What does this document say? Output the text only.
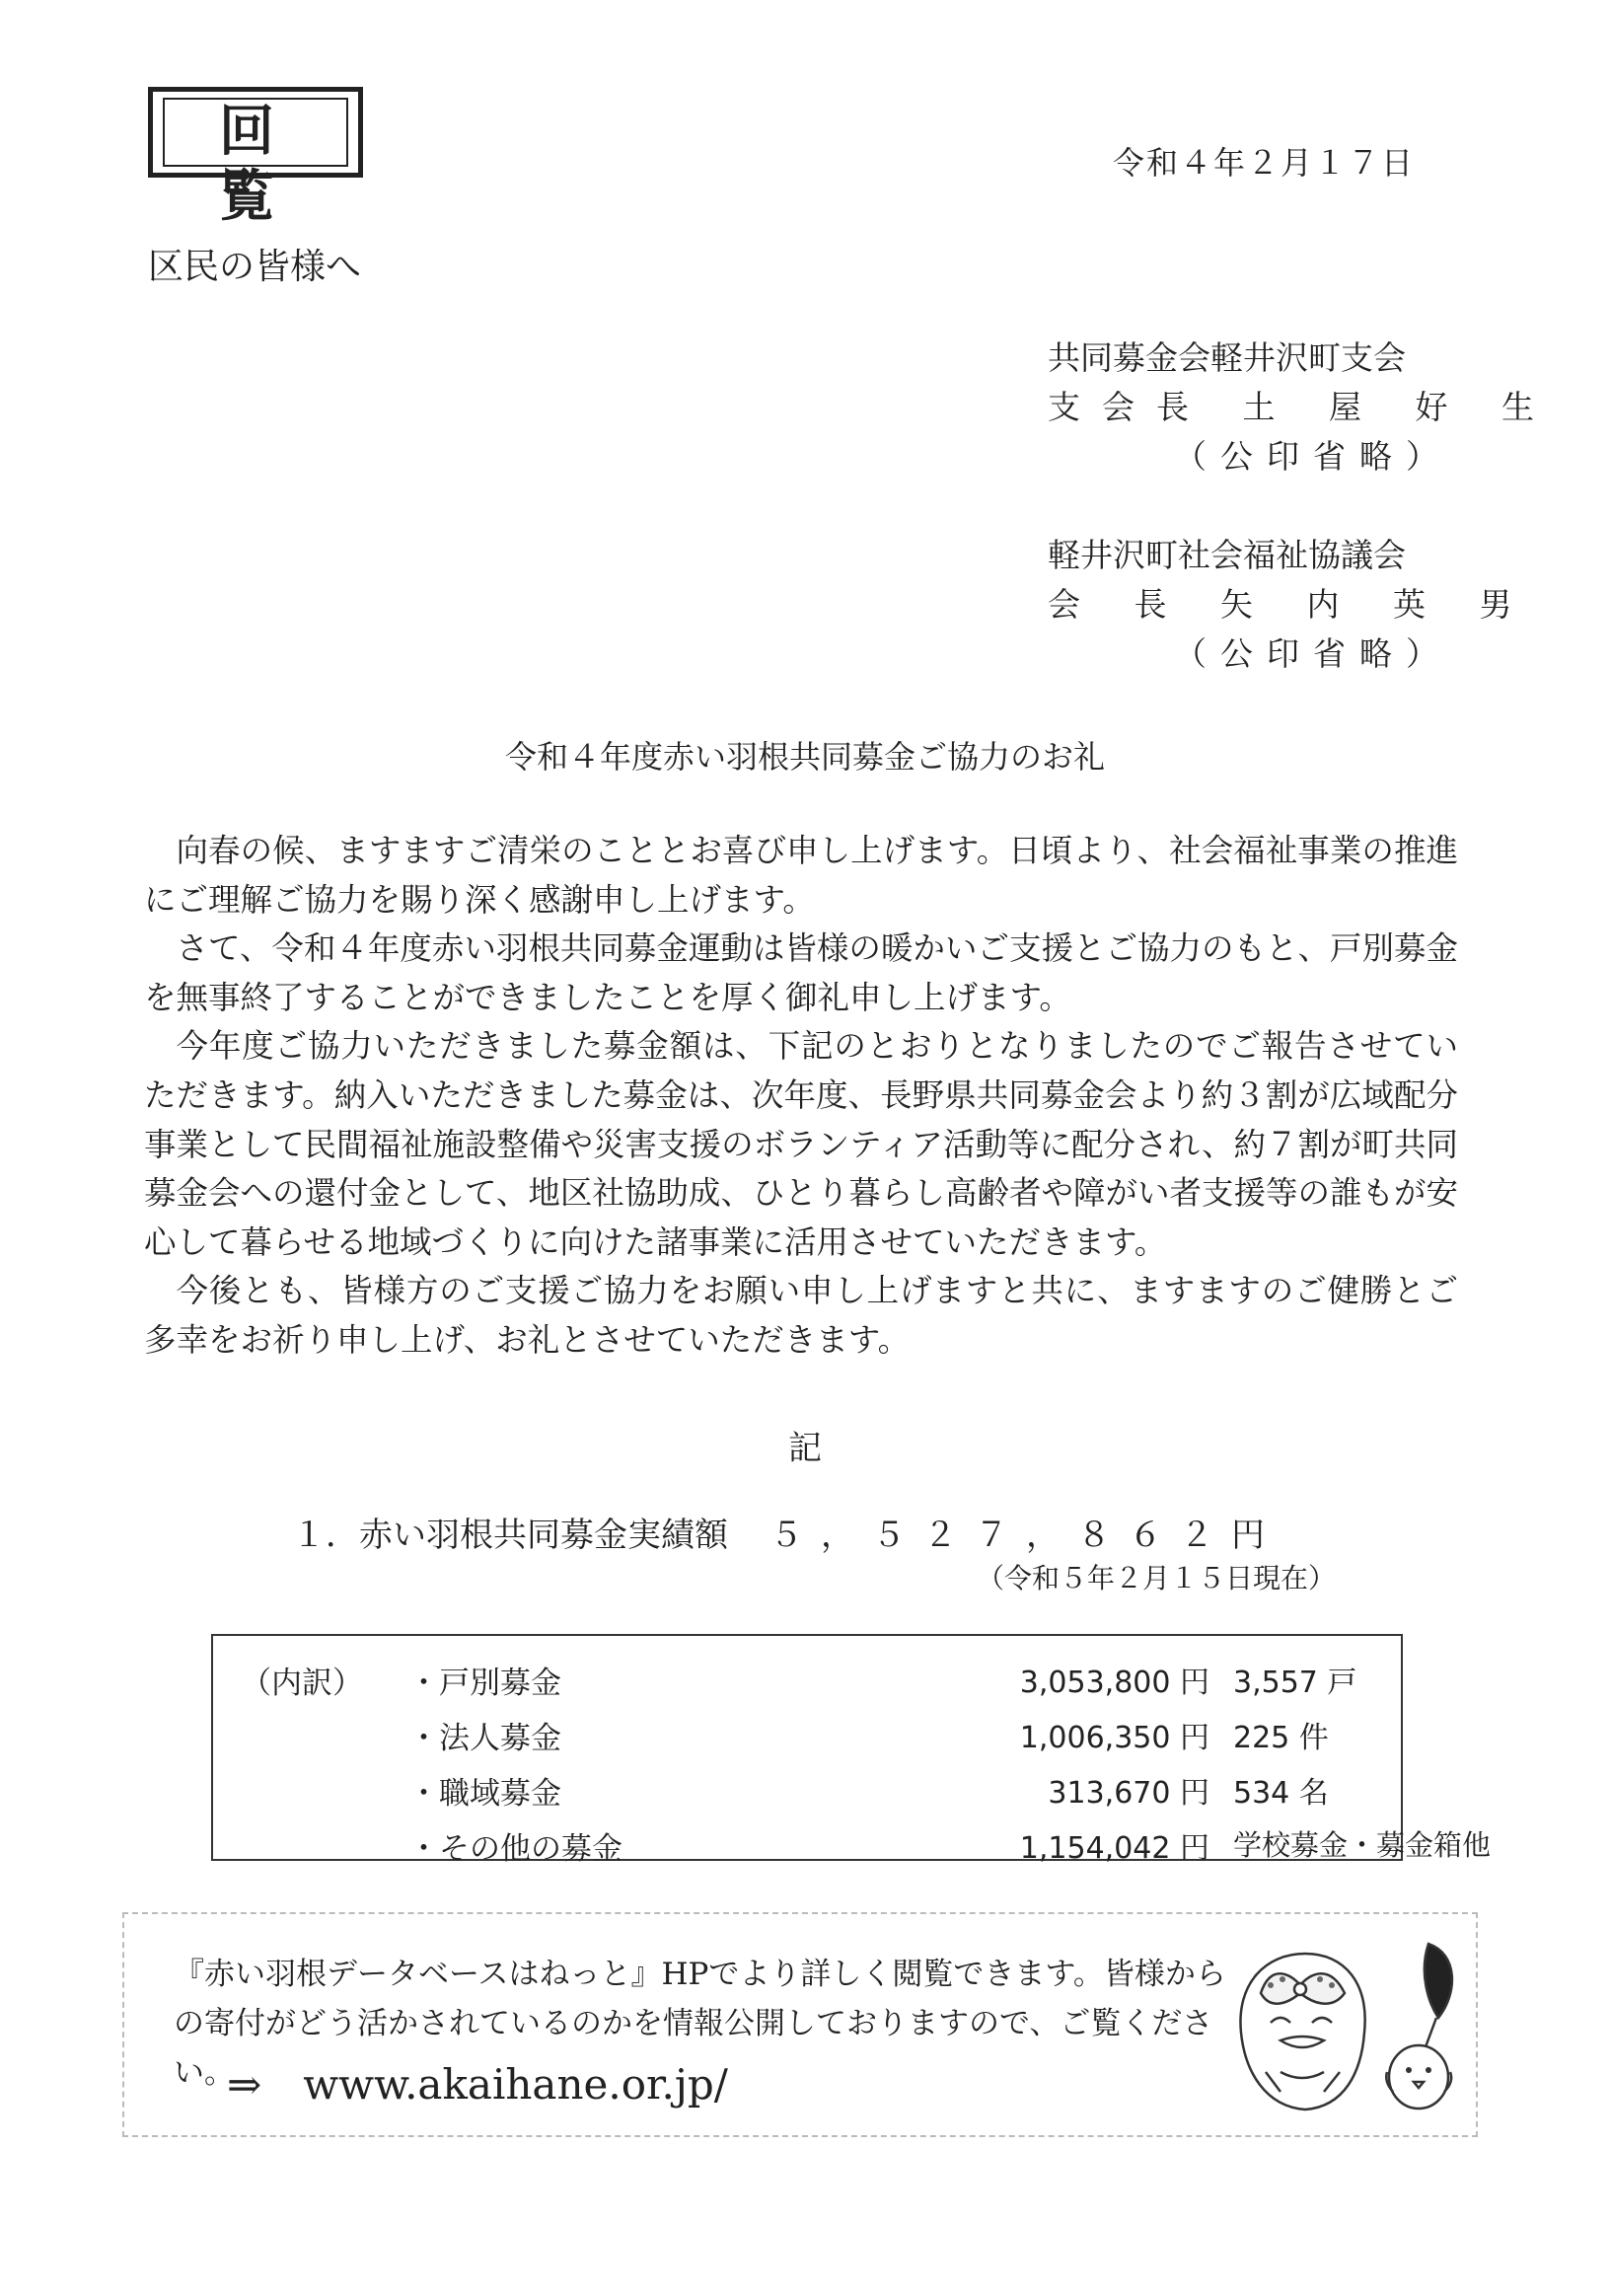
回 覧
令和４年２月１７日
区民の皆様へ
共同募金会軽井沢町支会
支会長 土 屋 好 生
（公印省略）
軽井沢町社会福祉協議会
会 長 矢 内 英 男
（公印省略）
令和４年度赤い羽根共同募金ご協力のお礼

向春の候、ますますご清栄のこととお喜び申し上げます。日頃より、社会福祉事業の推進にご理解ご協力を賜り深く感謝申し上げます。

さて、令和４年度赤い羽根共同募金運動は皆様の暖かいご支援とご協力のもと、戸別募金を無事終了することができましたことを厚く御礼申し上げます。

今年度ご協力いただきました募金額は、下記のとおりとなりましたのでご報告させていただきます。納入いただきました募金は、次年度、長野県共同募金会より約３割が広域配分事業として民間福祉施設整備や災害支援のボランティア活動等に配分され、約７割が町共同募金会への還付金として、地区社協助成、ひとり暮らし高齢者や障がい者支援等の誰もが安心して暮らせる地域づくりに向けた諸事業に活用させていただきます。

今後とも、皆様方のご支援ご協力をお願い申し上げますと共に、ますますのご健勝とご多幸をお祈り申し上げ、お礼とさせていただきます。

記
１．赤い羽根共同募金実績額 ５，５２７，８６２円
（令和５年２月１５日現在）
（内訳） ・戸別募金	3,053,800 円 3,557 戸
・法人募金	1,006,350 円 225 件
・職域募金	313,670 円 534 名
・その他の募金	1,154,042 円 学校募金・募金箱他
『赤い羽根データベースはねっと』HPでより詳しく閲覧できます。皆様からの寄付がどう活かされているのかを情報公開しておりますので、ご覧ください。
⇒ www.akaihane.or.jp/
